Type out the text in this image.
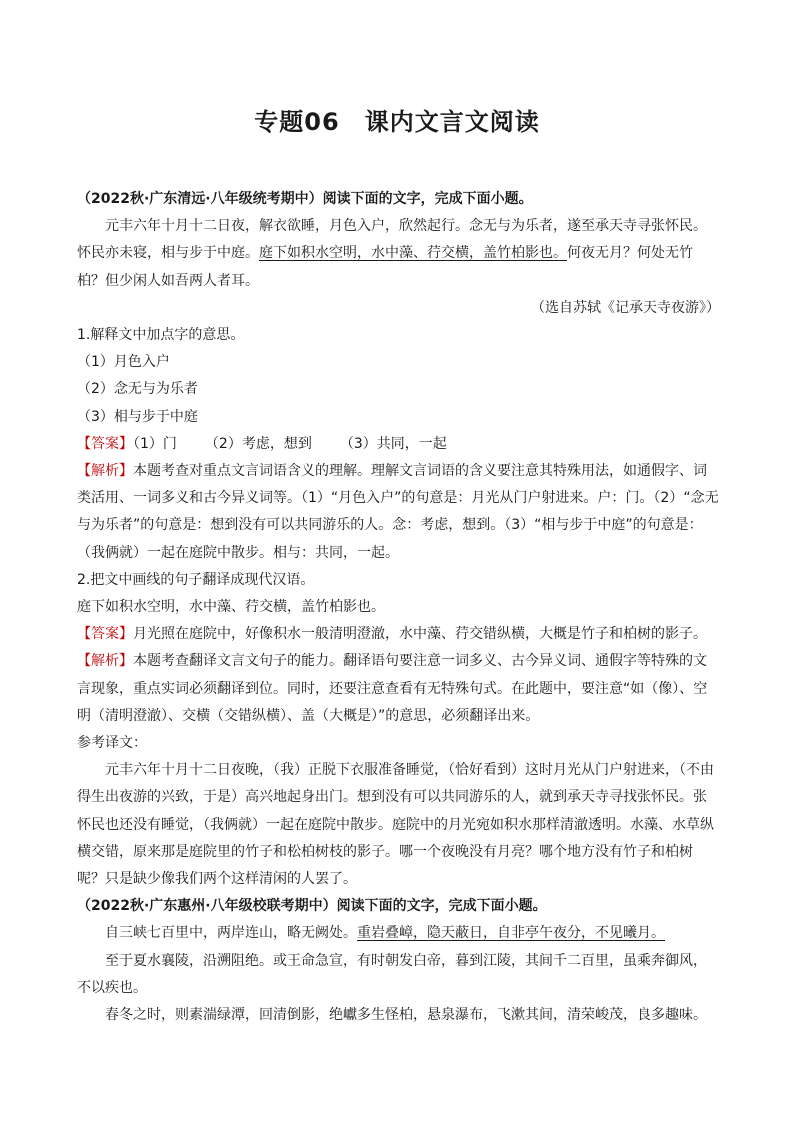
专题06　课内文言文阅读

（2022秋·广东清远·八年级统考期中）阅读下面的文字，完成下面小题。

元丰六年十月十二日夜，解衣欲睡，月色入户，欣然起行。念无与为乐者，遂至承天寺寻张怀民。怀民亦未寝，相与步于中庭。庭下如积水空明，水中藻、荇交横，盖竹柏影也。何夜无月？何处无竹柏？但少闲人如吾两人者耳。

（选自苏轼《记承天寺夜游》）

1.解释文中加点字的意思。

（1）月色入户

（2）念无与为乐者

（3）相与步于中庭

【答案】（1）门 （2）考虑，想到 （3）共同，一起

【解析】本题考查对重点文言词语含义的理解。理解文言词语的含义要注意其特殊用法，如通假字、词类活用、一词多义和古今异义词等。（1）“月色入户”的句意是：月光从门户射进来。户：门。（2）“念无与为乐者”的句意是：想到没有可以共同游乐的人。念：考虑，想到。（3）“相与步于中庭”的句意是：（我俩就）一起在庭院中散步。相与：共同，一起。

2.把文中画线的句子翻译成现代汉语。

庭下如积水空明，水中藻、荇交横，盖竹柏影也。

【答案】月光照在庭院中，好像积水一般清明澄澈，水中藻、荇交错纵横，大概是竹子和柏树的影子。

【解析】本题考查翻译文言文句子的能力。翻译语句要注意一词多义、古今异义词、通假字等特殊的文言现象，重点实词必须翻译到位。同时，还要注意查看有无特殊句式。在此题中，要注意“如（像）、空明（清明澄澈）、交横（交错纵横）、盖（大概是）”的意思，必须翻译出来。

参考译文：

元丰六年十月十二日夜晚，（我）正脱下衣服准备睡觉，（恰好看到）这时月光从门户射进来，（不由得生出夜游的兴致，于是）高兴地起身出门。想到没有可以共同游乐的人，就到承天寺寻找张怀民。张怀民也还没有睡觉，（我俩就）一起在庭院中散步。庭院中的月光宛如积水那样清澈透明。水藻、水草纵横交错，原来那是庭院里的竹子和松柏树枝的影子。哪一个夜晚没有月亮？哪个地方没有竹子和柏树呢？只是缺少像我们两个这样清闲的人罢了。

（2022秋·广东惠州·八年级校联考期中）阅读下面的文字，完成下面小题。

自三峡七百里中，两岸连山，略无阙处。重岩叠嶂，隐天蔽日，自非亭午夜分，不见曦月。

至于夏水襄陵，沿溯阻绝。或王命急宣，有时朝发白帝，暮到江陵，其间千二百里，虽乘奔御风，不以疾也。

春冬之时，则素湍绿潭，回清倒影，绝巘多生怪柏，悬泉瀑布，飞漱其间，清荣峻茂，良多趣味。
